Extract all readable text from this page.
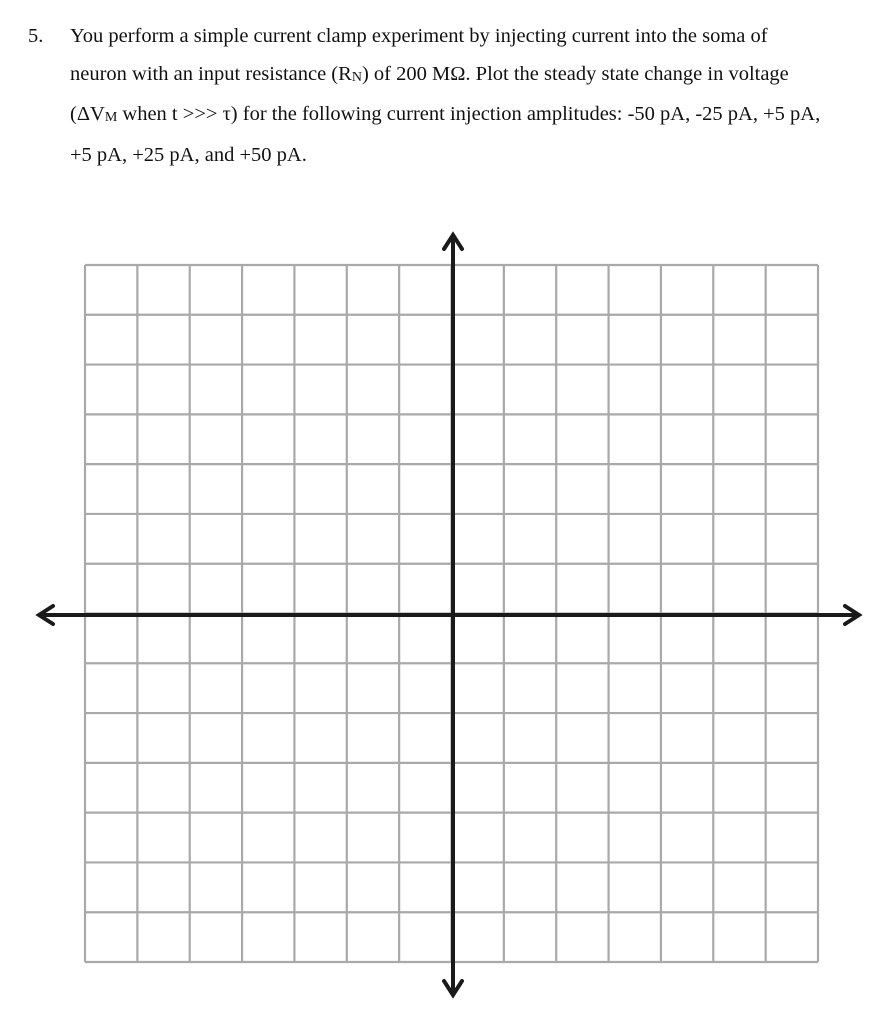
5. You perform a simple current clamp experiment by injecting current into the soma of
neuron with an input resistance (RN) of 200 MΩ. Plot the steady state change in voltage
(ΔVM when t >>> τ) for the following current injection amplitudes: -50 pA, -25 pA, +5 pA,
+5 pA, +25 pA, and +50 pA.
